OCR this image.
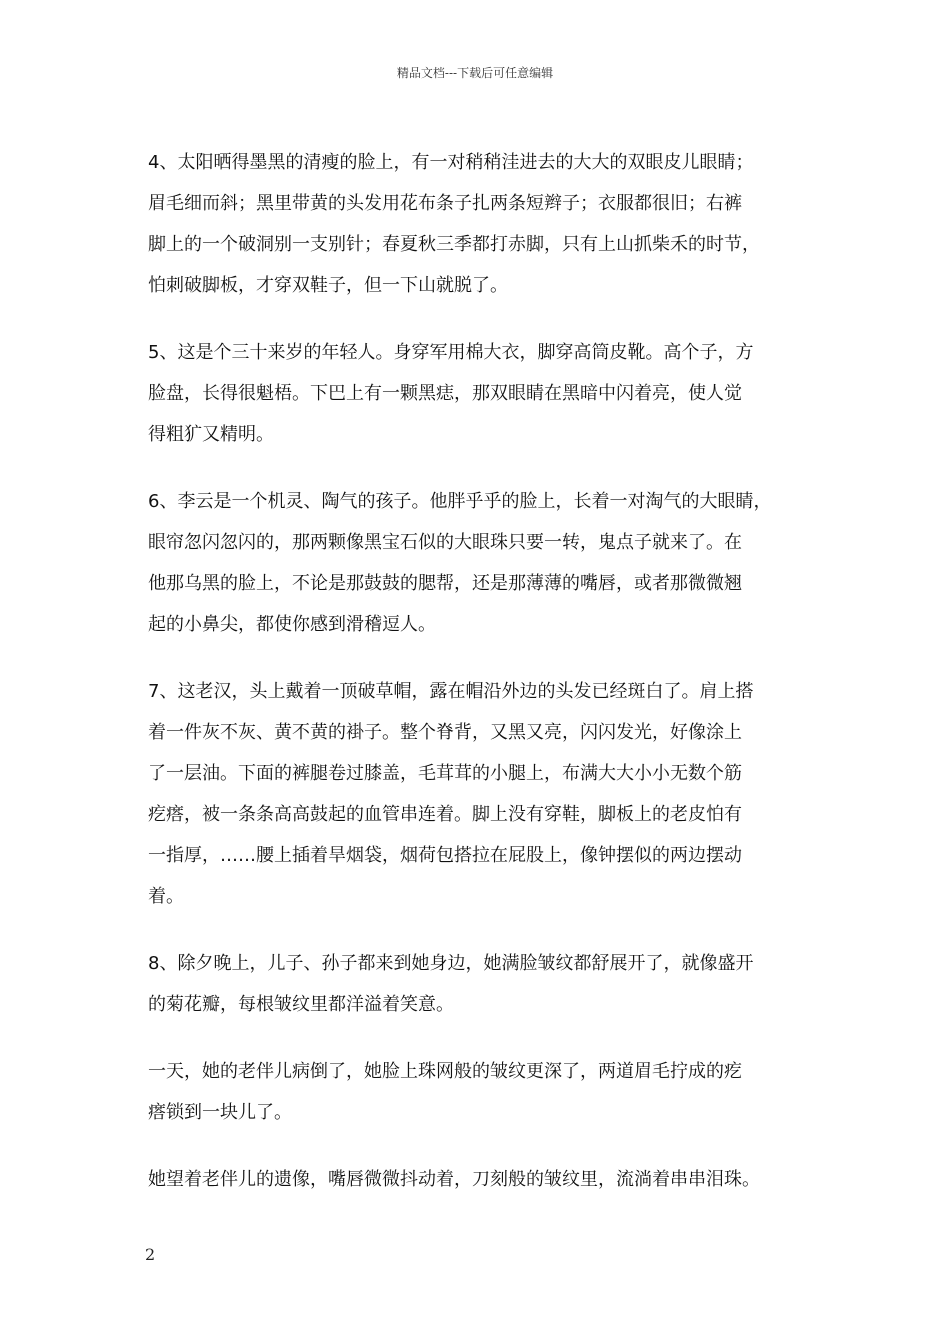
精品文档---下载后可任意编辑

4、太阳晒得墨黑的清瘦的脸上，有一对稍稍洼进去的大大的双眼皮儿眼睛；
眉毛细而斜；黑里带黄的头发用花布条子扎两条短辫子；衣服都很旧；右裤
脚上的一个破洞别一支别针；春夏秋三季都打赤脚，只有上山抓柴禾的时节，
怕刺破脚板，才穿双鞋子，但一下山就脱了。

5、这是个三十来岁的年轻人。身穿军用棉大衣，脚穿高筒皮靴。高个子，方
脸盘，长得很魁梧。下巴上有一颗黑痣，那双眼睛在黑暗中闪着亮，使人觉
得粗犷又精明。

6、李云是一个机灵、陶气的孩子。他胖乎乎的脸上，长着一对淘气的大眼睛，
眼帘忽闪忽闪的，那两颗像黑宝石似的大眼珠只要一转，鬼点子就来了。在
他那乌黑的脸上，不论是那鼓鼓的腮帮，还是那薄薄的嘴唇，或者那微微翘
起的小鼻尖，都使你感到滑稽逗人。

7、这老汉，头上戴着一顶破草帽，露在帽沿外边的头发已经斑白了。肩上搭
着一件灰不灰、黄不黄的褂子。整个脊背，又黑又亮，闪闪发光，好像涂上
了一层油。下面的裤腿卷过膝盖，毛茸茸的小腿上，布满大大小小无数个筋
疙瘩，被一条条高高鼓起的血管串连着。脚上没有穿鞋，脚板上的老皮怕有
一指厚，……腰上插着旱烟袋，烟荷包搭拉在屁股上，像钟摆似的两边摆动
着。

8、除夕晚上，儿子、孙子都来到她身边，她满脸皱纹都舒展开了，就像盛开
的菊花瓣，每根皱纹里都洋溢着笑意。

一天，她的老伴儿病倒了，她脸上珠网般的皱纹更深了，两道眉毛拧成的疙
瘩锁到一块儿了。

她望着老伴儿的遗像，嘴唇微微抖动着，刀刻般的皱纹里，流淌着串串泪珠。

2
